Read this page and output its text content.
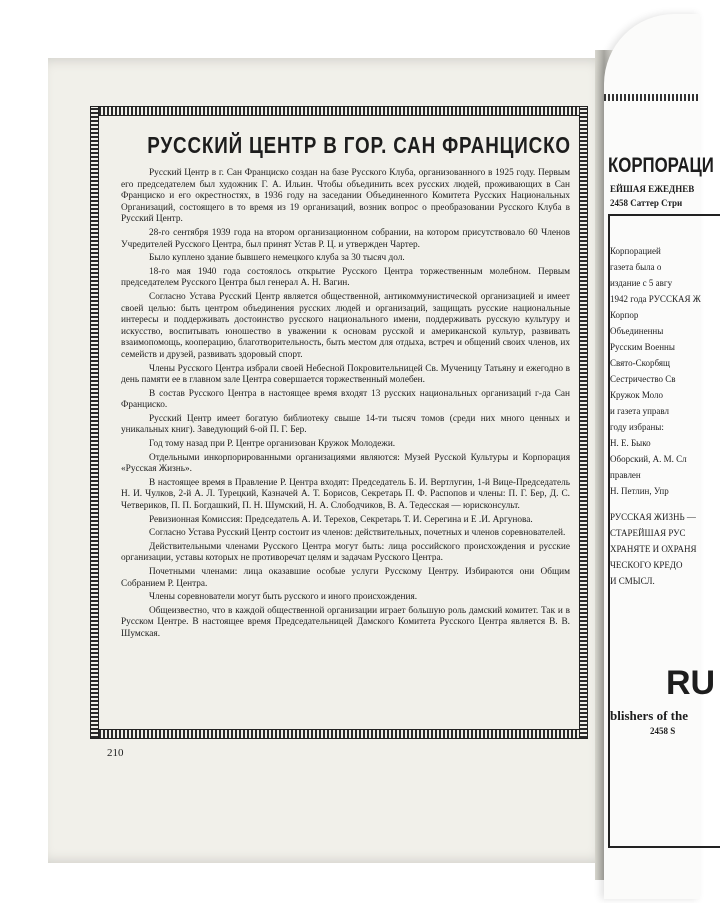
РУССКИЙ ЦЕНТР В ГОР. САН ФРАНЦИСКО

Русский Центр в г. Сан Франциско создан на базе Русского Клуба, организованного в 1925 году. Первым его председателем был художник Г. А. Ильин. Чтобы объединить всех русских людей, проживающих в Сан Франциско и его окрестностях, в 1936 году на заседании Объединенного Комитета Русских Национальных Организаций, состоящего в то время из 19 организаций, возник вопрос о преобразовании Русского Клуба в Русский Центр.

28-го сентября 1939 года на втором организационном собрании, на котором присутствовало 60 Членов Учредителей Русского Центра, был принят Устав Р. Ц. и утвержден Чартер.

Было куплено здание бывшего немецкого клуба за 30 тысяч дол.

18-го мая 1940 года состоялось открытие Русского Центра торжественным молебном. Первым председателем Русского Центра был генерал А. Н. Вагин.

Согласно Устава Русский Центр является общественной, антикоммунистической организацией и имеет своей целью: быть центром объединения русских людей и организаций, защищать русские национальные интересы и поддерживать достоинство русского национального имени, поддерживать русскую культуру и искусство, воспитывать юношество в уважении к основам русской и американской культур, развивать взаимопомощь, кооперацию, благотворительность, быть местом для отдыха, встреч и общений своих членов, их семейств и друзей, развивать здоровый спорт.

Члены Русского Центра избрали своей Небесной Покровительницей Св. Мученицу Татьяну и ежегодно в день памяти ее в главном зале Центра совершается торжественный молебен.

В состав Русского Центра в настоящее время входят 13 русских национальных организаций г-да Сан Франциско.

Русский Центр имеет богатую библиотеку свыше 14-ти тысяч томов (среди них много ценных и уникальных книг). Заведующий 6-ой П. Г. Бер.

Год тому назад при Р. Центре организован Кружок Молодежи.

Отдельными инкорпорированными организациями являются: Музей Русской Культуры и Корпорация «Русская Жизнь».

В настоящее время в Правление Р. Центра входят: Председатель Б. И. Вертлугин, 1-й Вице-Председатель Н. И. Чулков, 2-й А. Л. Турецкий, Казначей А. Т. Борисов, Секретарь П. Ф. Распопов и члены: П. Г. Бер, Д. С. Четвериков, П. П. Богдашкий, П. Н. Шумский, Н. А. Слободчиков, В. А. Тедесская — юрисконсульт.

Ревизионная Комиссия: Председатель А. И. Терехов, Секретарь Т. И. Серегина и Е .И. Аргунова.

Согласно Устава Русский Центр состоит из членов: действительных, почетных и членов соревнователей.

Действительными членами Русского Центра могут быть: лица российского происхождения и русские организации, уставы которых не противоречат целям и задачам Русского Центра.

Почетными членами: лица оказавшие особые услуги Русскому Центру. Избираются они Общим Собранием Р. Центра.

Члены соревнователи могут быть русского и иного происхождения.

Общеизвестно, что в каждой общественной организации играет большую роль дамский комитет. Так и в Русском Центре. В настоящее время Председательницей Дамского Комитета Русского Центра является В. В. Шумская.

210
КОРПОРАЦИ
ЕЙШАЯ ЕЖЕДНЕВ
2458 Саттер Стри
Корпорацией
газета была о
издание с 5 авгу
1942 года РУССКАЯ Ж
Корпор
Объединенны
Русским Военны
Свято-Скорбящ
Сестричество Св
Кружок Моло
и газета управл
году избраны:
Н. Е. Быко
Оборский, А. М. Сл
правлен
Н. Петлин, Упр
РУССКАЯ ЖИЗНЬ —
СТАРЕЙШАЯ РУС
ХРАНЯТЕ И ОХРАНЯ
ЧЕСКОГО КРЕДО
И СМЫСЛ.
RU
blishers of the
2458 S
